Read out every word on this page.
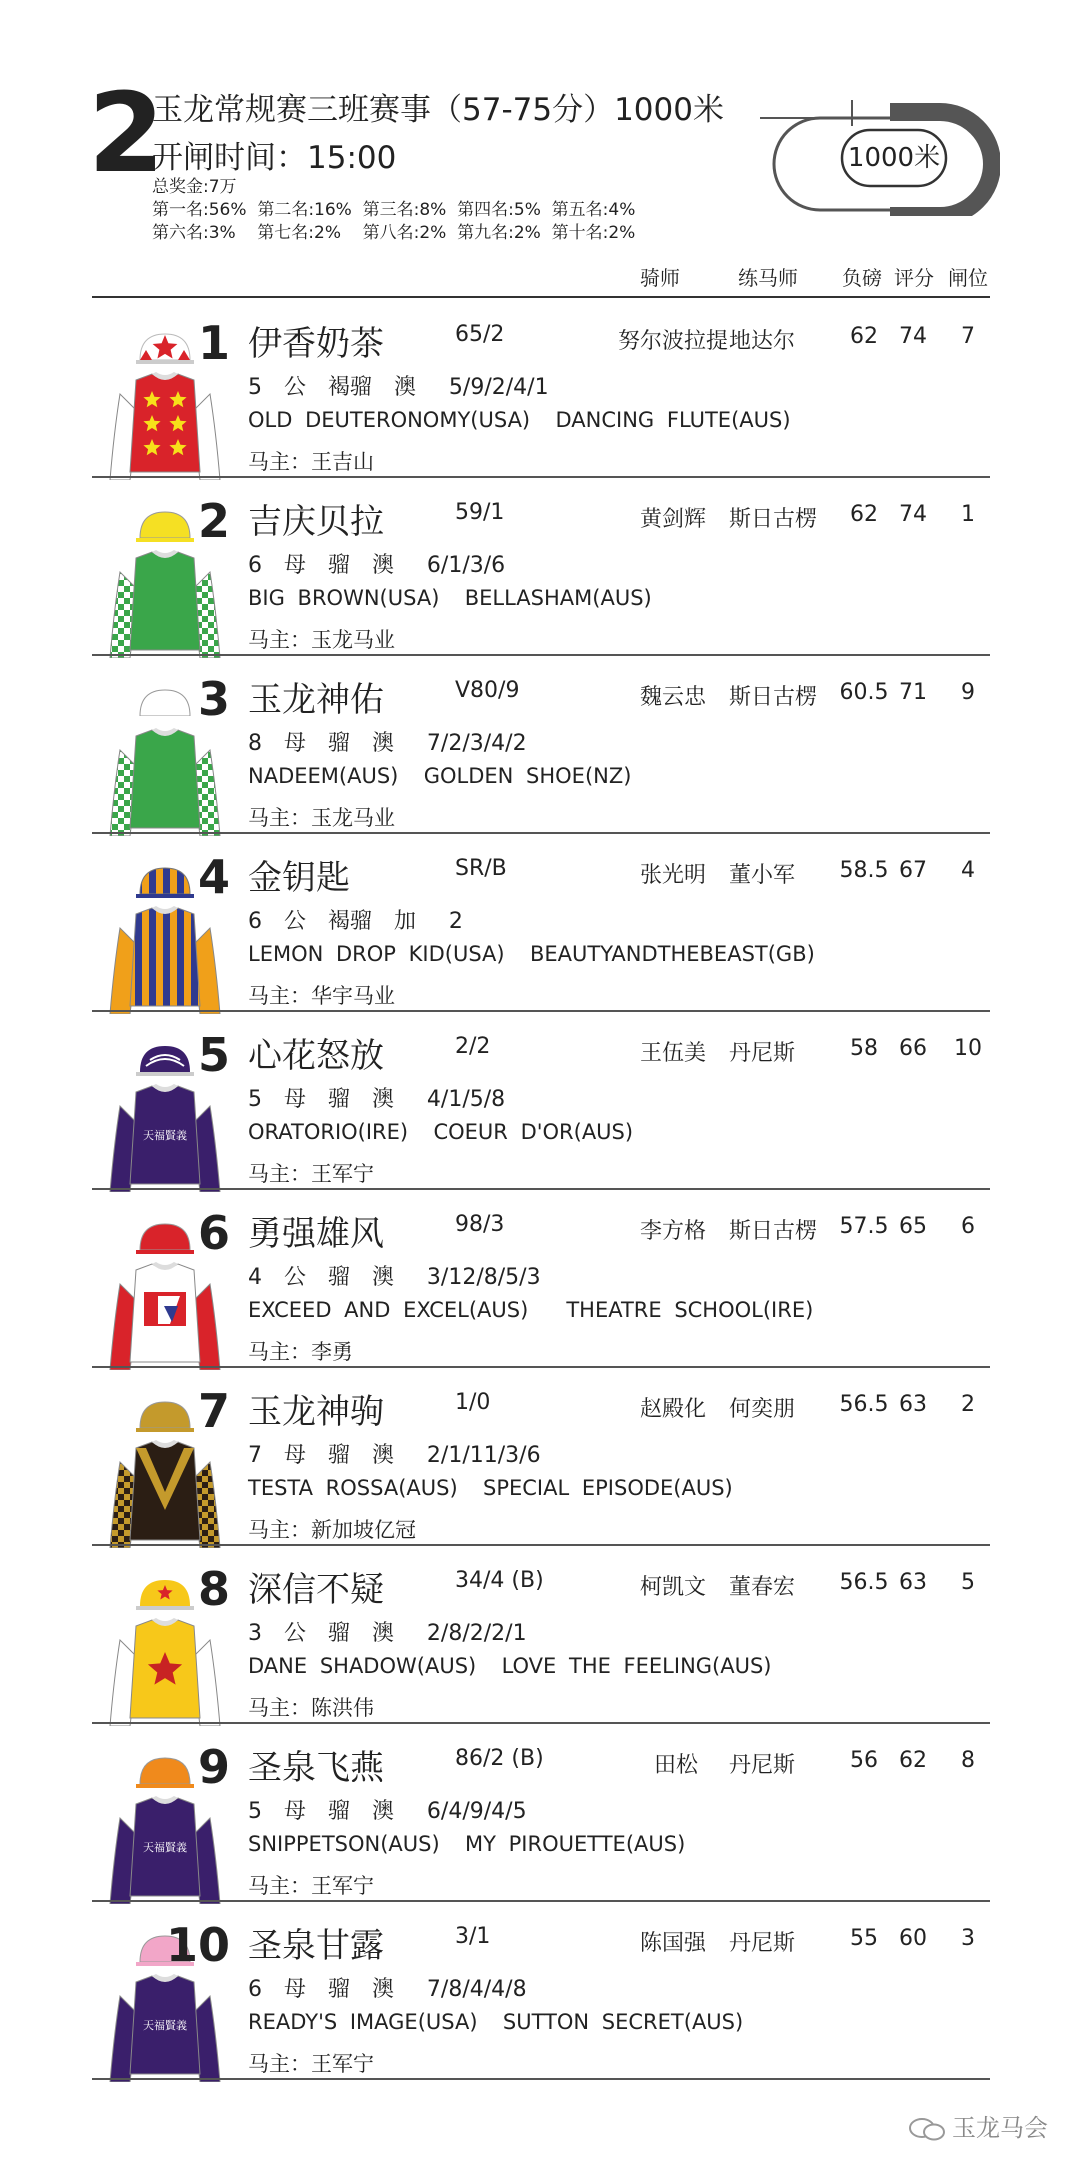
2
玉龙常规赛三班赛事（57-75分）1000米
开闸时间：15:00
总奖金:7万
第一名:56%  第二名:16%  第三名:8%  第四名:5%  第五名:4%
第六名:3%    第七名:2%    第八名:2%  第九名:2%  第十名:2%
1000米
骑师	练马师 负磅 评分 闸位
1 伊香奶茶	65/2	努尔波拉提 地达尔	62 74	7
5  公  褐骝  澳   5/9/2/4/1
OLD DEUTERONOMY(USA)  DANCING FLUTE(AUS)
马主：王吉山
2 吉庆贝拉	59/1	黄剑辉 斯日古楞	62 74	1
6  母  骝  澳   6/1/3/6
BIG BROWN(USA)  BELLASHAM(AUS)
马主：玉龙马业
3 玉龙神佑	V80/9	魏云忠 斯日古楞 60.5 71	9
8  母  骝  澳   7/2/3/4/2
NADEEM(AUS)  GOLDEN SHOE(NZ)
马主：玉龙马业
4 金钥匙	SR/B	张光明 董小军 58.5 67	4
6  公  褐骝  加   2
LEMON DROP KID(USA)  BEAUTYANDTHEBEAST(GB)
马主：华宇马业
天福賢義
5 心花怒放	2/2	王伍美 丹尼斯	58 66	10
5  母  骝  澳   4/1/5/8
ORATORIO(IRE)  COEUR D'OR(AUS)
马主：王军宁
6 勇强雄风	98/3	李方格 斯日古楞 57.5 65	6
4  公  骝  澳   3/12/8/5/3
EXCEED AND EXCEL(AUS)   THEATRE SCHOOL(IRE)
马主：李勇
7 玉龙神驹	1/0	赵殿化 何奕朋 56.5 63	2
7  母  骝  澳   2/1/11/3/6
TESTA ROSSA(AUS)  SPECIAL EPISODE(AUS)
马主：新加坡亿冠
8 深信不疑	34/4 (B)	柯凯文 董春宏 56.5 63	5
3  公  骝  澳   2/8/2/2/1
DANE SHADOW(AUS)  LOVE THE FEELING(AUS)
马主：陈洪伟
天福賢義
9 圣泉飞燕	86/2 (B)	田松 丹尼斯	56 62	8
5  母  骝  澳   6/4/9/4/5
SNIPPETSON(AUS)  MY PIROUETTE(AUS)
马主：王军宁
天福賢義
10 圣泉甘露	3/1	陈国强 丹尼斯	55 60	3
6  母  骝  澳   7/8/4/4/8
READY'S IMAGE(USA)  SUTTON SECRET(AUS)
马主：王军宁
玉龙马会
